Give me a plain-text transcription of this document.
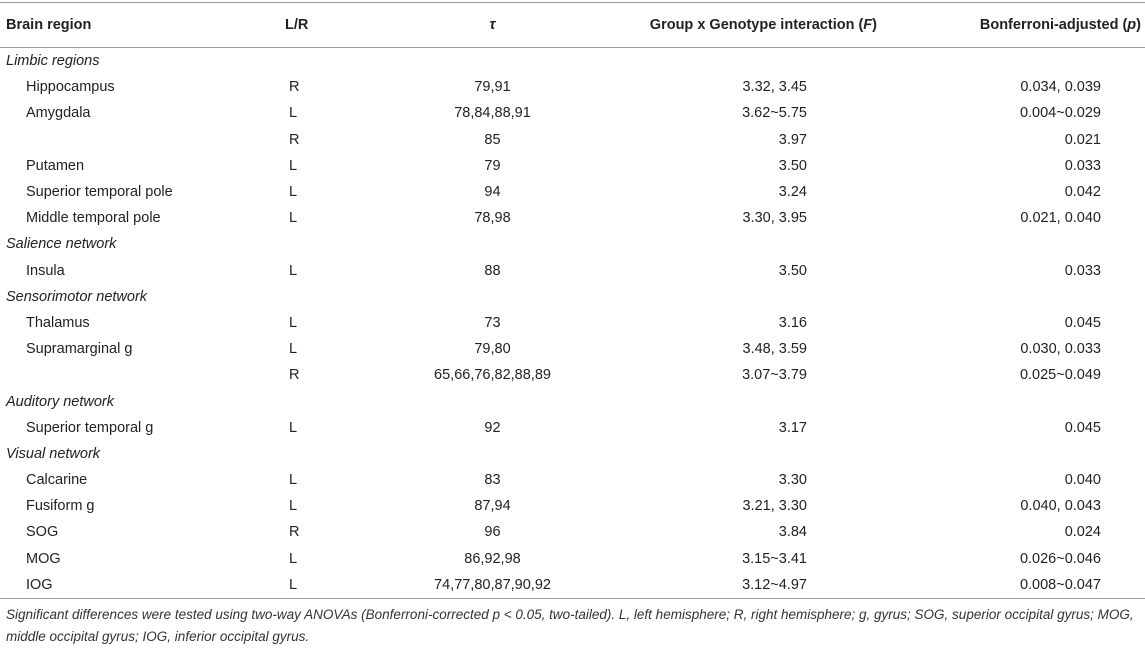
Brain region	L/R	τ	Group x Genotype interaction (F)	Bonferroni-adjusted (p)
Limbic regions				
Hippocampus	R	79,91	3.32, 3.45	0.034, 0.039
Amygdala	L	78,84,88,91	3.62~5.75	0.004~0.029
	R	85	3.97	0.021
Putamen	L	79	3.50	0.033
Superior temporal pole	L	94	3.24	0.042
Middle temporal pole	L	78,98	3.30, 3.95	0.021, 0.040
Salience network				
Insula	L	88	3.50	0.033
Sensorimotor network				
Thalamus	L	73	3.16	0.045
Supramarginal g	L	79,80	3.48, 3.59	0.030, 0.033
	R	65,66,76,82,88,89	3.07~3.79	0.025~0.049
Auditory network				
Superior temporal g	L	92	3.17	0.045
Visual network				
Calcarine	L	83	3.30	0.040
Fusiform g	L	87,94	3.21, 3.30	0.040, 0.043
SOG	R	96	3.84	0.024
MOG	L	86,92,98	3.15~3.41	0.026~0.046
IOG	L	74,77,80,87,90,92	3.12~4.97	0.008~0.047
Significant differences were tested using two-way ANOVAs (Bonferroni-corrected p < 0.05, two-tailed). L, left hemisphere; R, right hemisphere; g, gyrus; SOG, superior occipital gyrus; MOG, middle occipital gyrus; IOG, inferior occipital gyrus.
